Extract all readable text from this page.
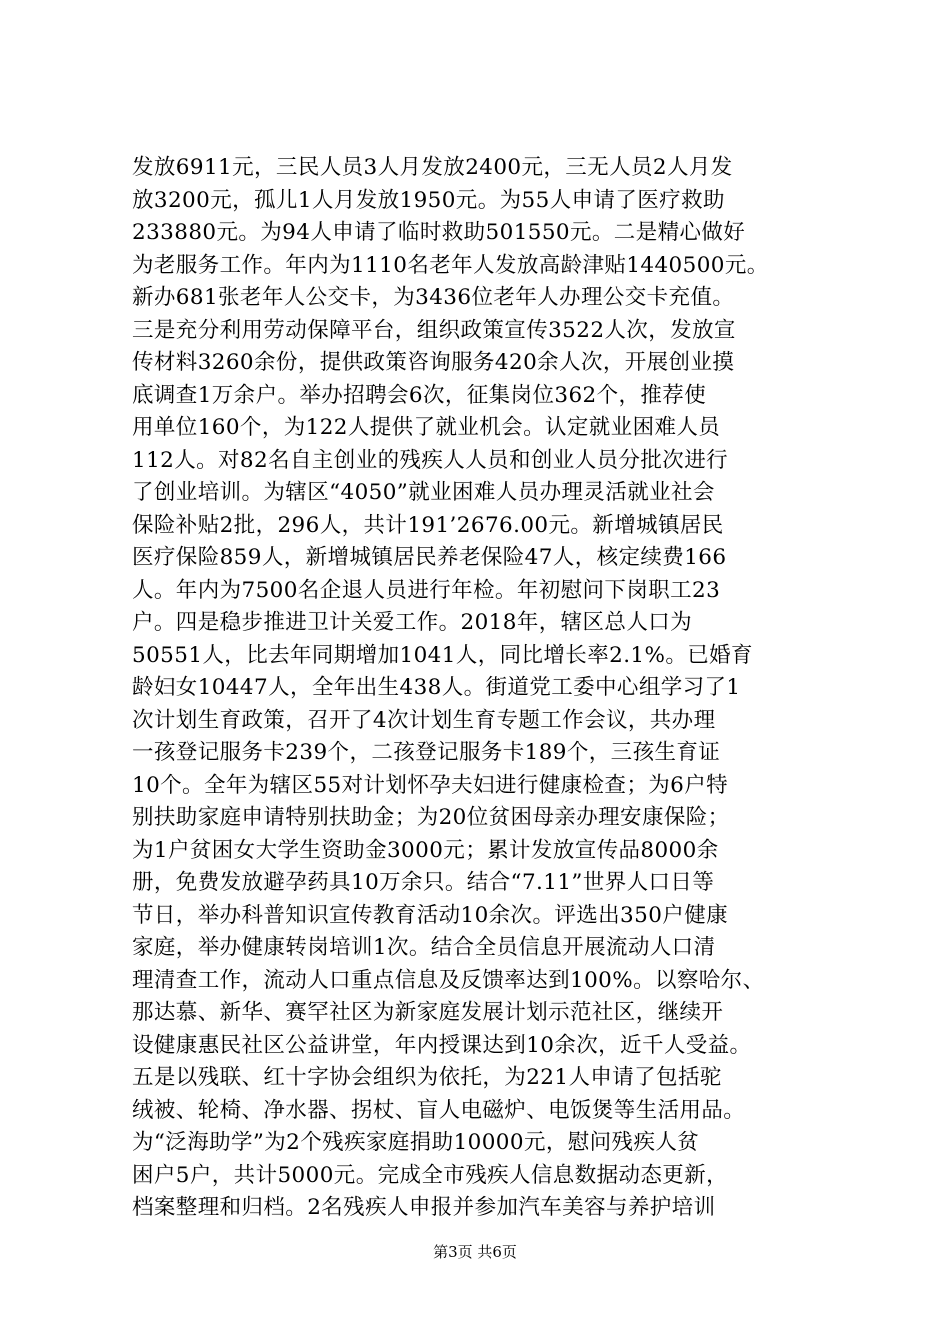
发放6911元，三民人员3人月发放2400元，三无人员2人月发
放3200元，孤儿1人月发放1950元。为55人申请了医疗救助
233880元。为94人申请了临时救助501550元。二是精心做好
为老服务工作。年内为1110名老年人发放高龄津贴1440500元。
新办681张老年人公交卡，为3436位老年人办理公交卡充值。
三是充分利用劳动保障平台，组织政策宣传3522人次，发放宣
传材料3260余份，提供政策咨询服务420余人次，开展创业摸
底调查1万余户。举办招聘会6次，征集岗位362个，推荐使
用单位160个，为122人提供了就业机会。认定就业困难人员
112人。对82名自主创业的残疾人人员和创业人员分批次进行
了创业培训。为辖区“4050”就业困难人员办理灵活就业社会
保险补贴2批，296人，共计191’2676.00元。新增城镇居民
医疗保险859人，新增城镇居民养老保险47人，核定续费166
人。年内为7500名企退人员进行年检。年初慰问下岗职工23
户。四是稳步推进卫计关爱工作。2018年，辖区总人口为
50551人，比去年同期增加1041人，同比增长率2.1%。已婚育
龄妇女10447人，全年出生438人。街道党工委中心组学习了1
次计划生育政策，召开了4次计划生育专题工作会议，共办理
一孩登记服务卡239个，二孩登记服务卡189个，三孩生育证
10个。全年为辖区55对计划怀孕夫妇进行健康检查；为6户特
别扶助家庭申请特别扶助金；为20位贫困母亲办理安康保险；
为1户贫困女大学生资助金3000元；累计发放宣传品8000余
册，免费发放避孕药具10万余只。结合“7.11”世界人口日等
节日，举办科普知识宣传教育活动10余次。评选出350户健康
家庭，举办健康转岗培训1次。结合全员信息开展流动人口清
理清查工作，流动人口重点信息及反馈率达到100%。以察哈尔、
那达慕、新华、赛罕社区为新家庭发展计划示范社区，继续开
设健康惠民社区公益讲堂，年内授课达到10余次，近千人受益。
五是以残联、红十字协会组织为依托，为221人申请了包括驼
绒被、轮椅、净水器、拐杖、盲人电磁炉、电饭煲等生活用品。
为“泛海助学”为2个残疾家庭捐助10000元，慰问残疾人贫
困户5户，共计5000元。完成全市残疾人信息数据动态更新，
档案整理和归档。2名残疾人申报并参加汽车美容与养护培训
第3页 共6页
